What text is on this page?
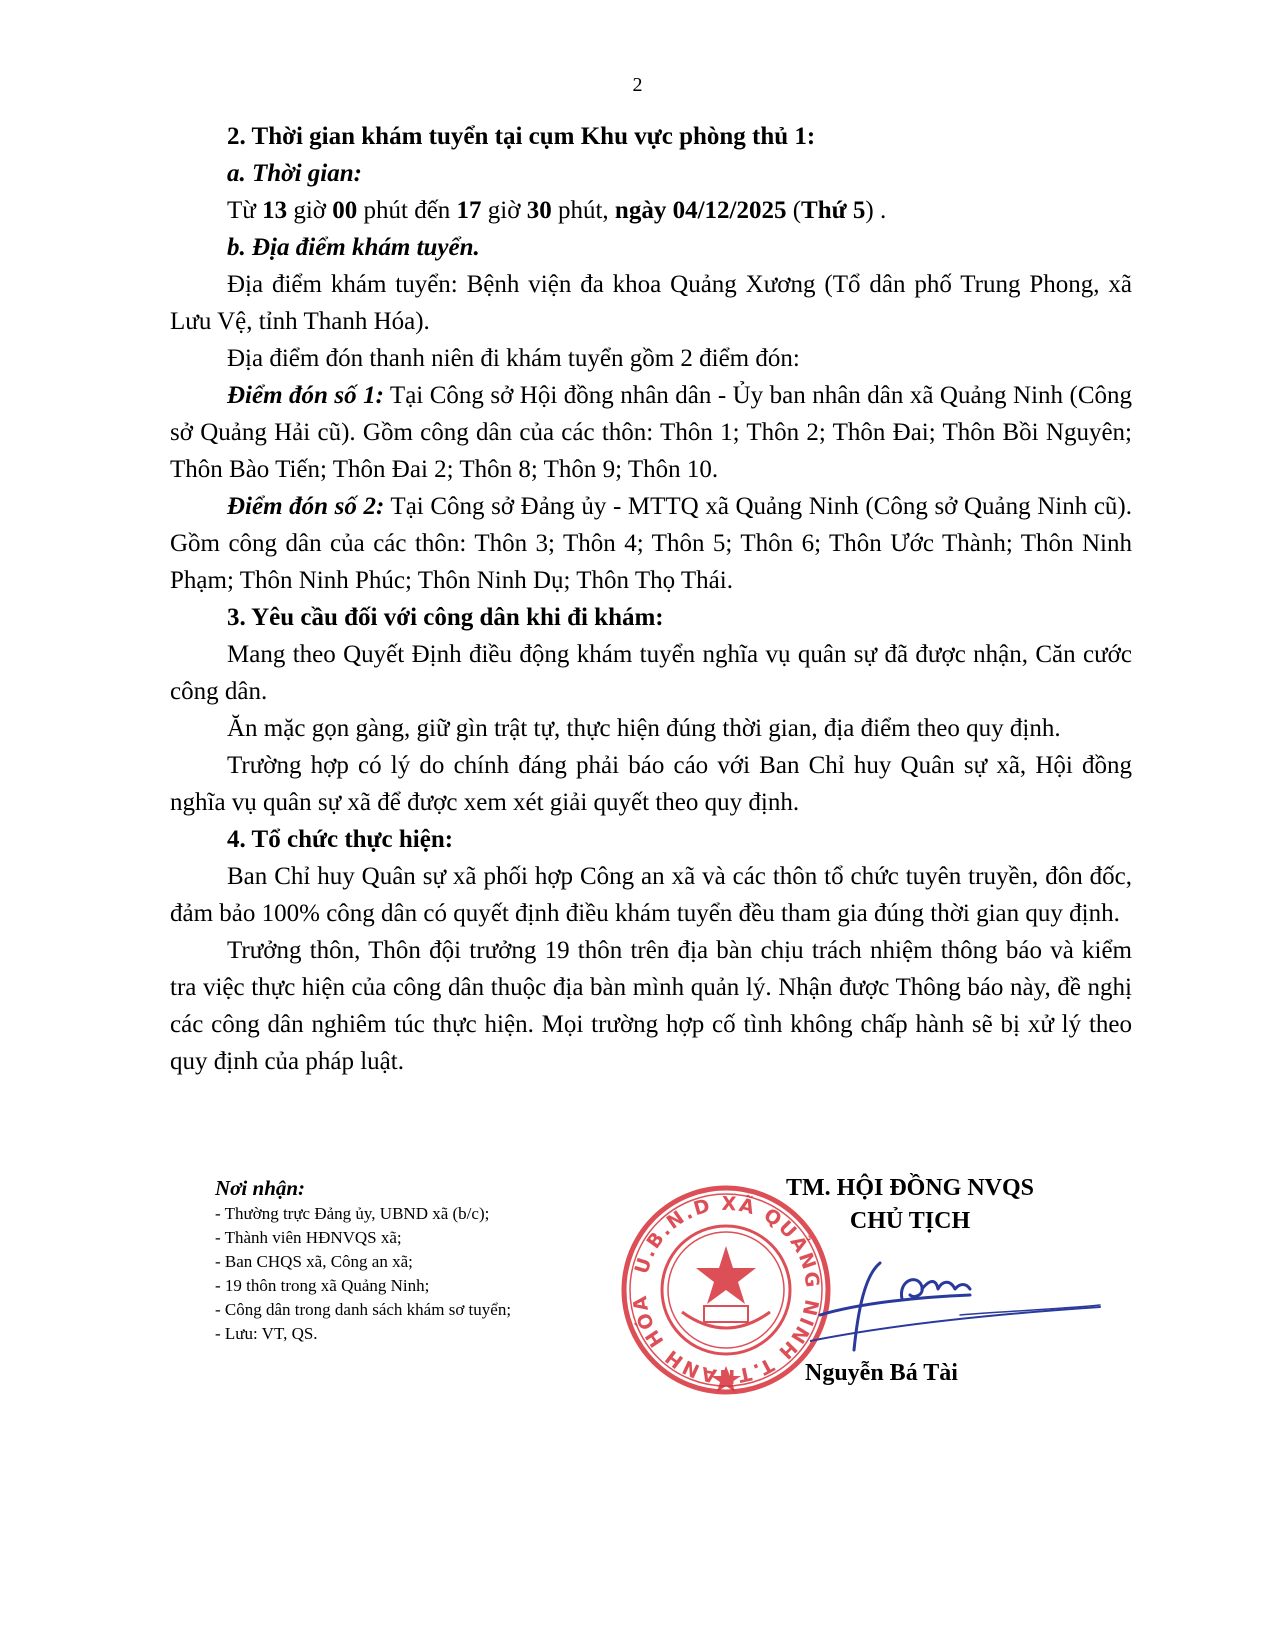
2

2. Thời gian khám tuyển tại cụm Khu vực phòng thủ 1:

a. Thời gian:

Từ 13 giờ 00 phút đến 17 giờ 30 phút, ngày 04/12/2025 (Thứ 5) .

b. Địa điểm khám tuyển.

Địa điểm khám tuyển: Bệnh viện đa khoa Quảng Xương (Tổ dân phố Trung Phong, xã Lưu Vệ, tỉnh Thanh Hóa).

Địa điểm đón thanh niên đi khám tuyển gồm 2 điểm đón:

Điểm đón số 1: Tại Công sở Hội đồng nhân dân - Ủy ban nhân dân xã Quảng Ninh (Công sở Quảng Hải cũ). Gồm công dân của các thôn: Thôn 1; Thôn 2; Thôn Đai; Thôn Bồi Nguyên; Thôn Bào Tiến; Thôn Đai 2; Thôn 8; Thôn 9; Thôn 10.

Điểm đón số 2: Tại Công sở Đảng ủy - MTTQ xã Quảng Ninh (Công sở Quảng Ninh cũ). Gồm công dân của các thôn: Thôn 3; Thôn 4; Thôn 5; Thôn 6; Thôn Ước Thành; Thôn Ninh Phạm; Thôn Ninh Phúc; Thôn Ninh Dụ; Thôn Thọ Thái.

3. Yêu cầu đối với công dân khi đi khám:

Mang theo Quyết Định điều động khám tuyển nghĩa vụ quân sự đã được nhận, Căn cước công dân.

Ăn mặc gọn gàng, giữ gìn trật tự, thực hiện đúng thời gian, địa điểm theo quy định.

Trường hợp có lý do chính đáng phải báo cáo với Ban Chỉ huy Quân sự xã, Hội đồng nghĩa vụ quân sự xã để được xem xét giải quyết theo quy định.

4. Tổ chức thực hiện:

Ban Chỉ huy Quân sự xã phối hợp Công an xã và các thôn tổ chức tuyên truyền, đôn đốc, đảm bảo 100% công dân có quyết định điều khám tuyển đều tham gia đúng thời gian quy định.

Trưởng thôn, Thôn đội trưởng 19 thôn trên địa bàn chịu trách nhiệm thông báo và kiểm tra việc thực hiện của công dân thuộc địa bàn mình quản lý. Nhận được Thông báo này, đề nghị các công dân nghiêm túc thực hiện. Mọi trường hợp cố tình không chấp hành sẽ bị xử lý theo quy định của pháp luật.

Nơi nhận:
- Thường trực Đảng ủy, UBND xã (b/c);
- Thành viên HĐNVQS xã;
- Ban CHQS xã, Công an xã;
- 19 thôn trong xã Quảng Ninh;
- Công dân trong danh sách khám sơ tuyển;
- Lưu: VT, QS.
TM. HỘI ĐỒNG NVQS
CHỦ TỊCH
U.B.N.D XÃ QUẢNG NINH T.THANH HÓA
Nguyễn Bá Tài
